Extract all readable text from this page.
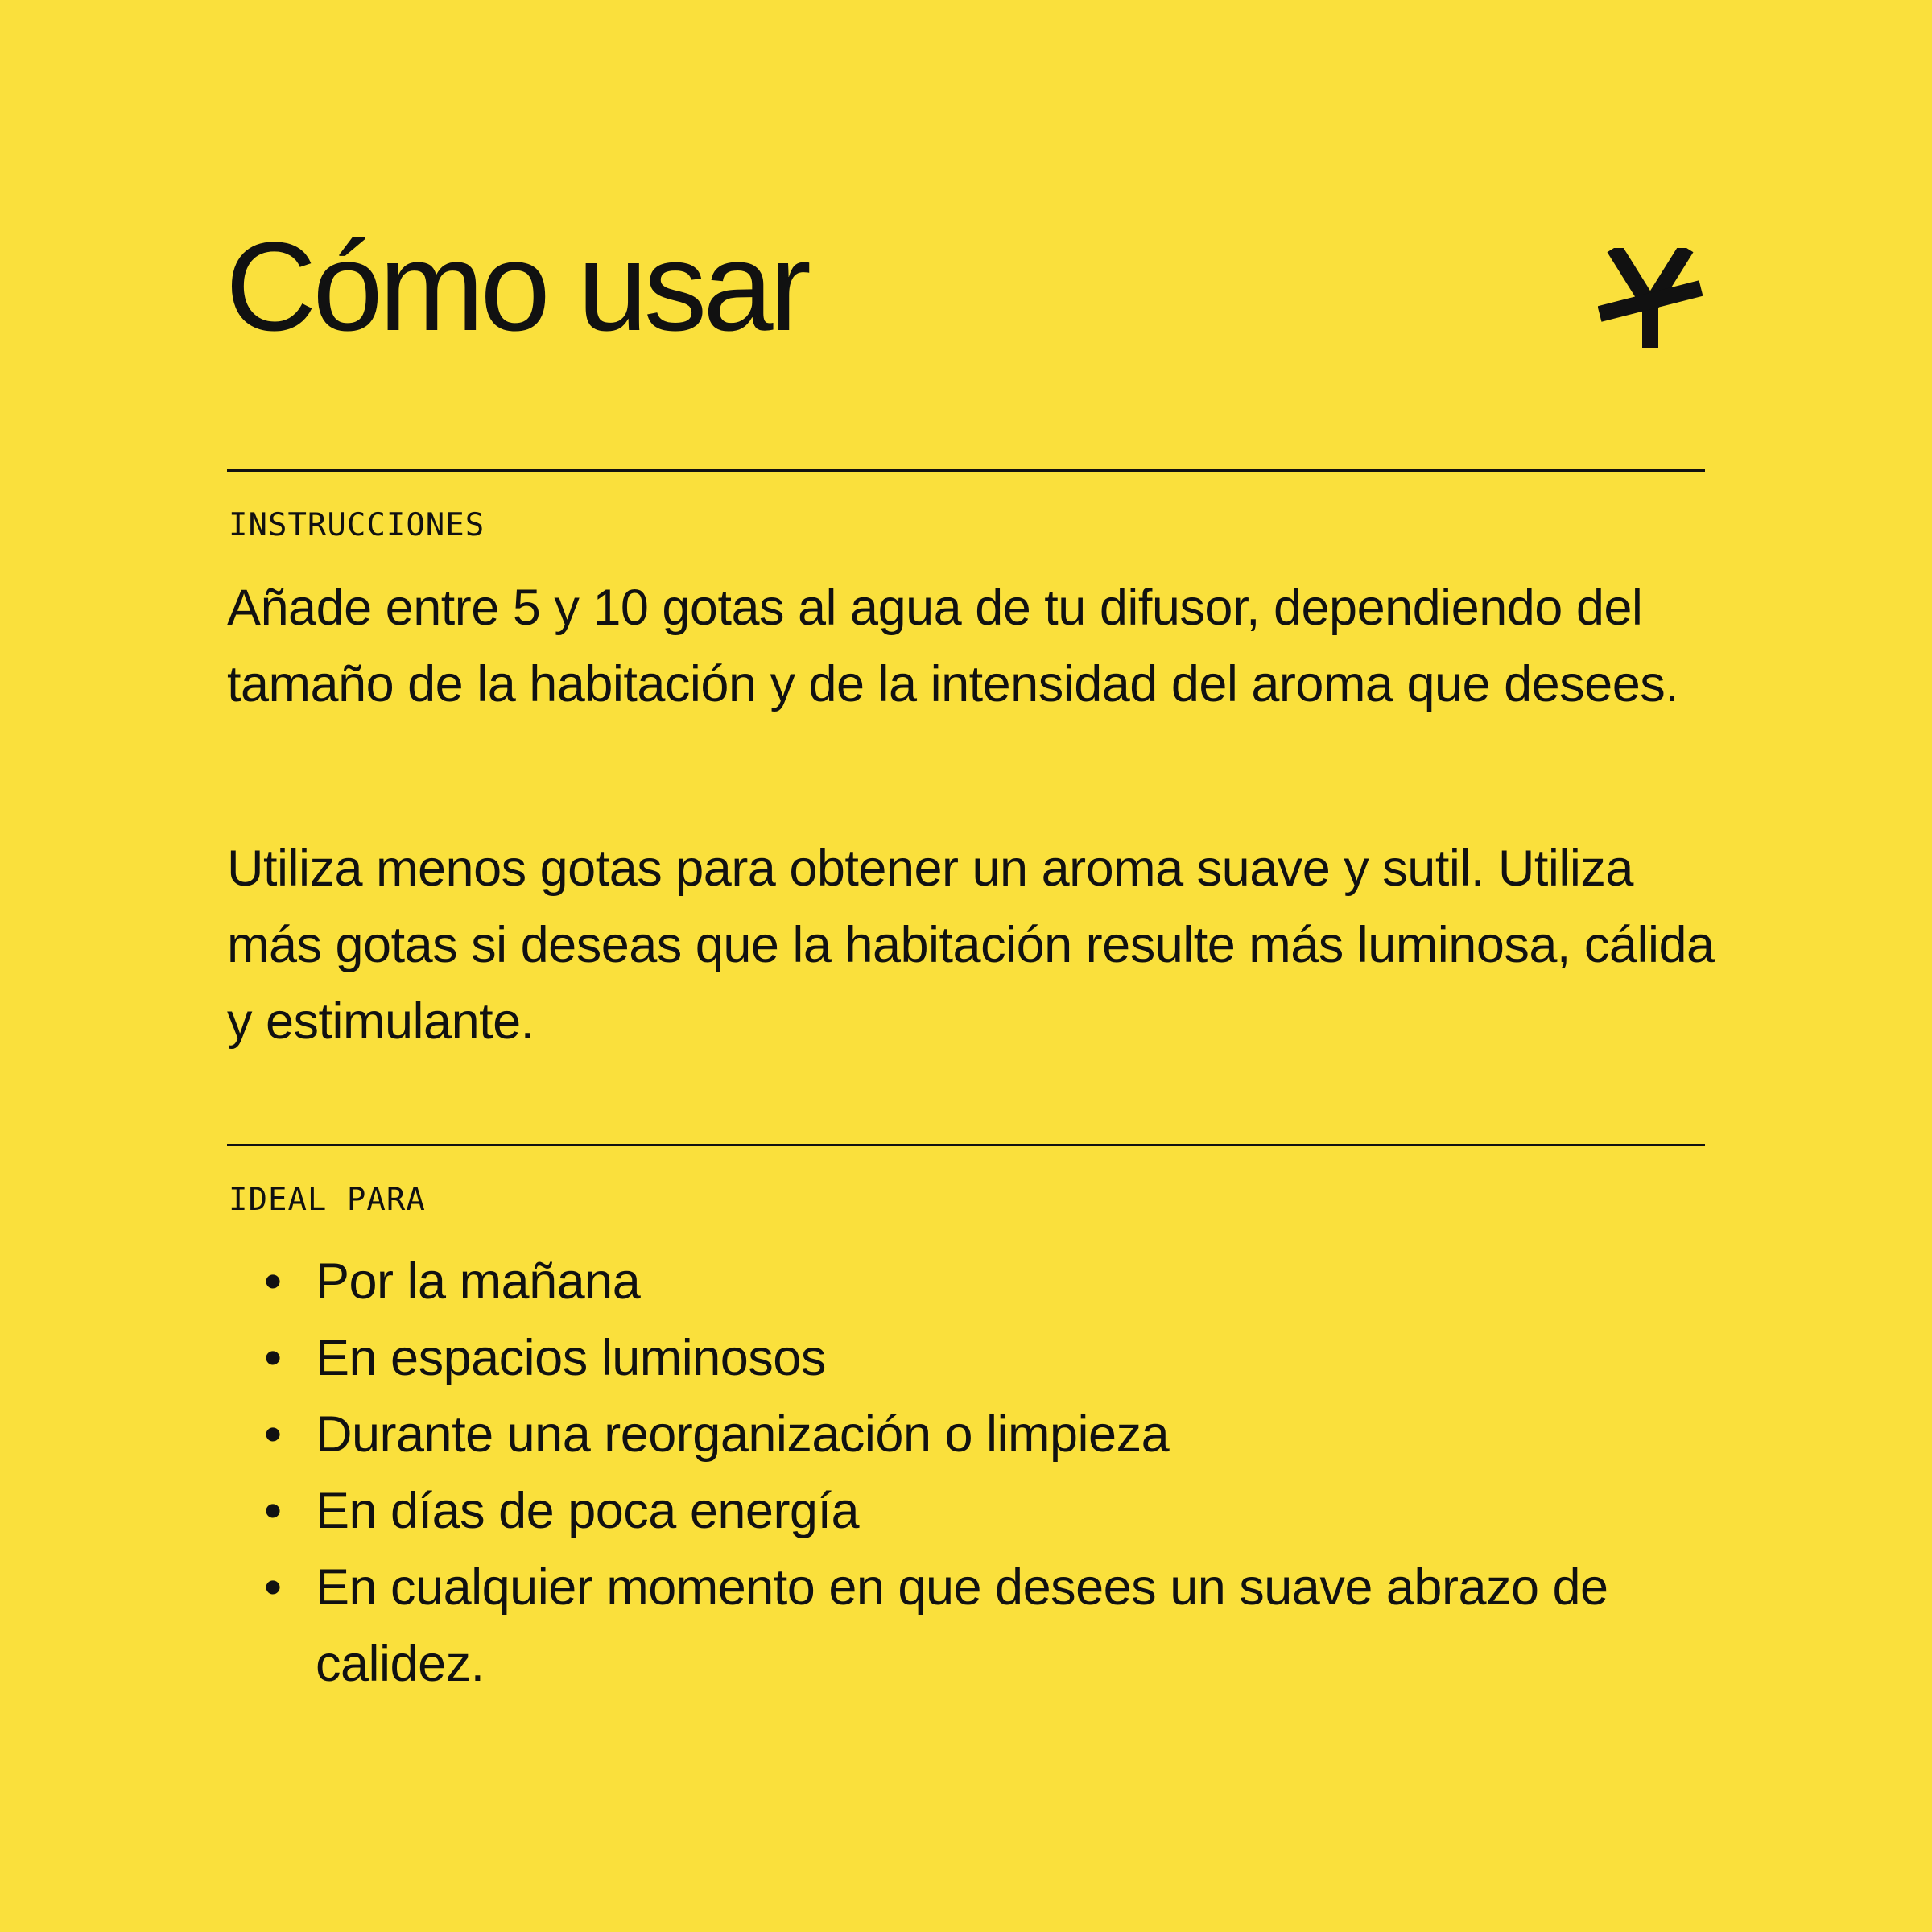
Cómo usar
INSTRUCCIONES

Añade entre 5 y 10 gotas al agua de tu difusor, dependiendo del tamaño de la habitación y de la intensidad del aroma que desees.

Utiliza menos gotas para obtener un aroma suave y sutil. Utiliza más gotas si deseas que la habitación resulte más luminosa, cálida y estimulante.

IDEAL PARA
• Por la mañana
• En espacios luminosos
• Durante una reorganización o limpieza
• En días de poca energía
• En cualquier momento en que desees un suave abrazo de calidez.
